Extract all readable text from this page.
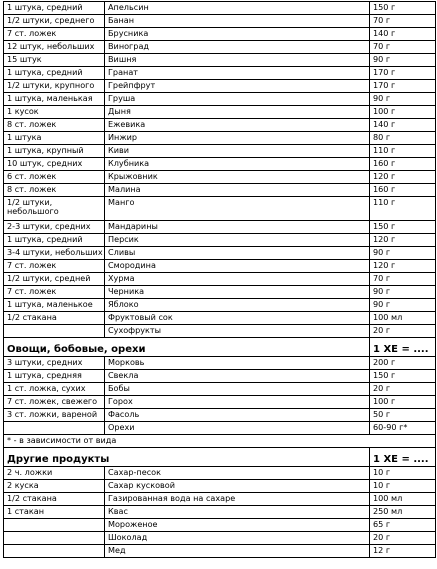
1 штука, средний	Апельсин	150 г
1/2 штуки, среднего	Банан	70 г
7 ст. ложек	Брусника	140 г
12 штук, небольших	Виноград	70 г
15 штук	Вишня	90 г
1 штука, средний	Гранат	170 г
1/2 штуки, крупного	Грейпфрут	170 г
1 штука, маленькая	Груша	90 г
1 кусок	Дыня	100 г
8 ст. ложек	Ежевика	140 г
1 штука	Инжир	80 г
1 штука, крупный	Киви	110 г
10 штук, средних	Клубника	160 г
6 ст. ложек	Крыжовник	120 г
8 ст. ложек	Малина	160 г
1/2 штуки, небольшого	Манго	110 г
2-3 штуки, средних	Мандарины	150 г
1 штука, средний	Персик	120 г
3-4 штуки, небольших	Сливы	90 г
7 ст. ложек	Смородина	120 г
1/2 штуки, средней	Хурма	70 г
7 ст. ложек	Черника	90 г
1 штука, маленькое	Яблоко	90 г
1/2 стакана	Фруктовый сок	100 мл
	Сухофрукты	20 г
Овощи, бобовые, орехи		1 ХЕ = ....
3 штуки, средних	Морковь	200 г
1 штука, средняя	Свекла	150 г
1 ст. ложка, сухих	Бобы	20 г
7 ст. ложек, свежего	Горох	100 г
3 ст. ложки, вареной	Фасоль	50 г
	Орехи	60-90 г*
* - в зависимости от вида		
Другие продукты		1 ХЕ = ....
2 ч. ложки	Сахар-песок	10 г
2 куска	Сахар кусковой	10 г
1/2 стакана	Газированная вода на сахаре	100 мл
1 стакан	Квас	250 мл
	Мороженое	65 г
	Шоколад	20 г
	Мед	12 г
